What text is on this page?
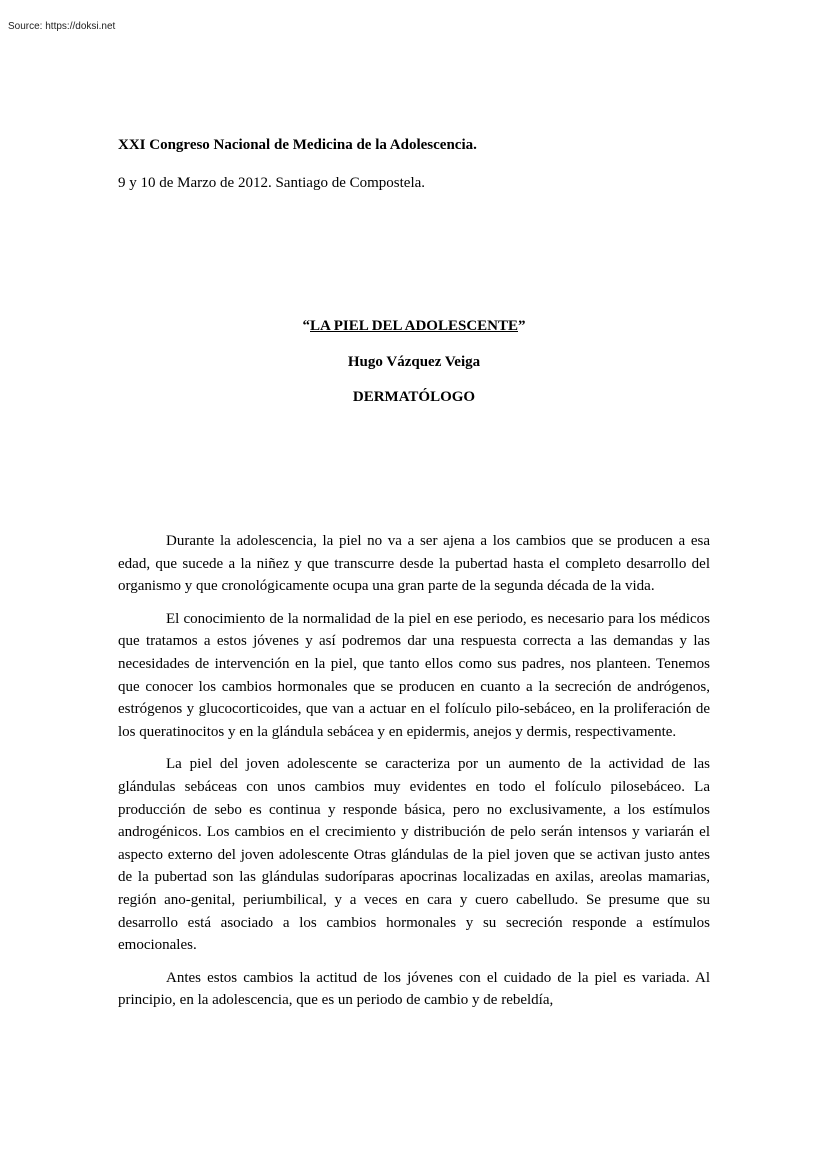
Source: https://doksi.net
XXI Congreso Nacional de Medicina de la Adolescencia.
9 y 10 de Marzo de 2012. Santiago de Compostela.
“LA PIEL DEL ADOLESCENTE”
Hugo Vázquez Veiga
DERMATÓLOGO

Durante la adolescencia, la piel no va a ser ajena a los cambios que se producen a esa edad, que sucede a la niñez y que transcurre desde la pubertad hasta el completo desarrollo del organismo y que cronológicamente ocupa una gran parte de la segunda década de la vida.

El conocimiento de la normalidad de la piel en ese periodo, es necesario para los médicos que tratamos a estos jóvenes y así podremos dar una respuesta correcta a las demandas y las necesidades de intervención en la piel, que tanto ellos como sus padres, nos planteen. Tenemos que conocer los cambios hormonales que se producen en cuanto a la secreción de andrógenos, estrógenos y glucocorticoides, que van a actuar en el folículo pilo-sebáceo, en la proliferación de los queratinocitos y en la glándula sebácea y en epidermis, anejos y dermis, respectivamente.

La piel del joven adolescente se caracteriza por un aumento de la actividad de las glándulas sebáceas con unos cambios muy evidentes en todo el folículo pilosebáceo. La producción de sebo es continua y responde básica, pero no exclusivamente, a los estímulos androgénicos. Los cambios en el crecimiento y distribución de pelo serán intensos y variarán el aspecto externo del joven adolescente Otras glándulas de la piel joven que se activan justo antes de la pubertad son las glándulas sudoríparas apocrinas localizadas en axilas, areolas mamarias, región ano-genital, periumbilical, y a veces en cara y cuero cabelludo. Se presume que su desarrollo está asociado a los cambios hormonales y su secreción responde a estímulos emocionales.

Antes estos cambios la actitud de los jóvenes con el cuidado de la piel es variada. Al principio, en la adolescencia, que es un periodo de cambio y de rebeldía,
